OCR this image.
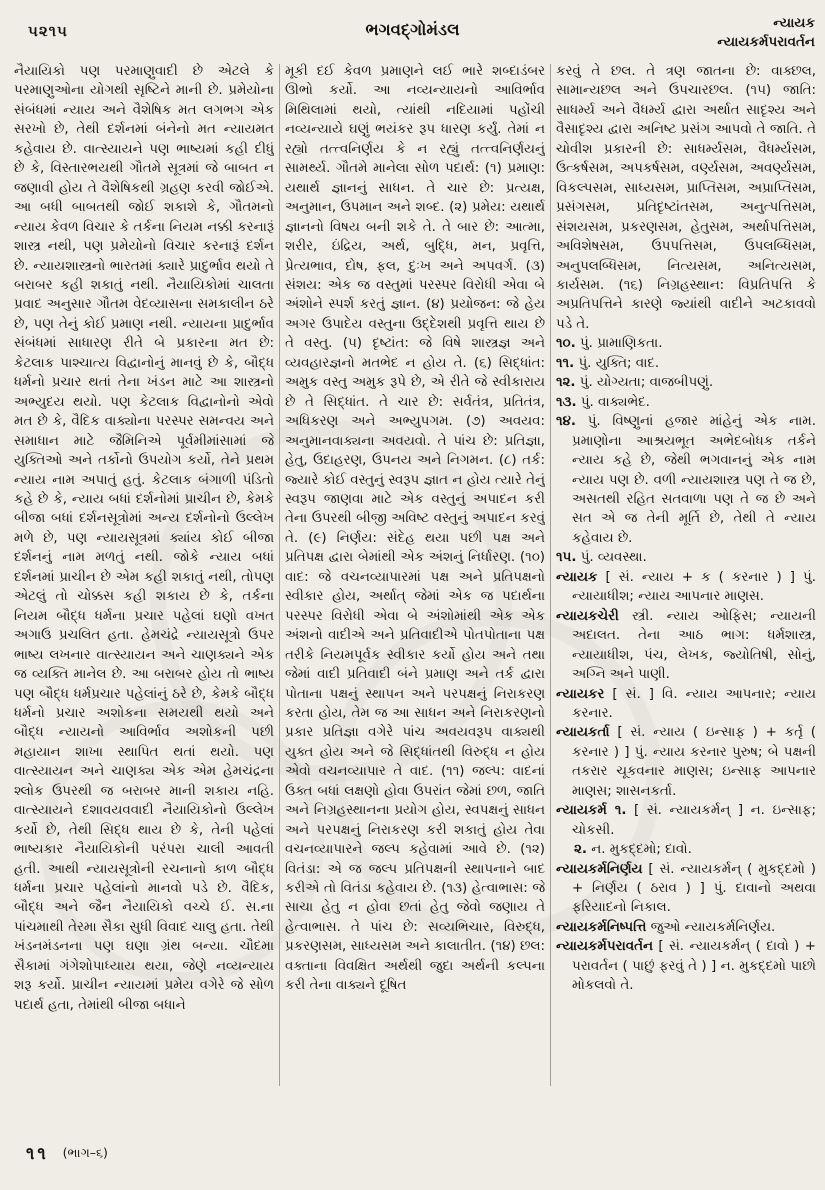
૫૨૧૫	ભગવદ્ગોમંડલ	ન્યાયક
ન્યાયકર્મપરાવર્તન

નૈયાયિકો પણ પરમાણુવાદી છે એટલે કે પરમાણુઓના યોગથી સૃષ્ટિને માની છે. પ્રમેયોના સંબંધમાં ન્યાય અને વૈશેષિક મત લગભગ એક સરખો છે, તેથી દર્શનમાં બંનેનો મત ન્યાયમત કહેવાય છે. વાત્સ્યાયને પણ ભાષ્યમાં કહી દીધું છે કે, વિસ્તારભયથી ગૌતમે સૂત્રમાં જે બાબત ન જણાવી હોય તે વૈશેષિકથી ગ્રહણ કરવી જોઈએ. આ બધી બાબતથી જોઈ શકાશે કે, ગૌતમનો ન્યાય કેવળ વિચાર કે તર્કના નિયમ નક્કી કરનારૂં શાસ્ત્ર નથી, પણ પ્રમેયોનો વિચાર કરનારૂં દર્શન છે. ન્યાયશાસ્ત્રનો ભારતમાં ક્યારે પ્રાદુર્ભાવ થયો તે બરાબર કહી શકાતું નથી. નૈયાયિકોમાં ચાલતા પ્રવાદ અનુસાર ગૌતમ વેદવ્યાસના સમકાલીન ઠરે છે, પણ તેનું કોઈ પ્રમાણ નથી. ન્યાયના પ્રાદુર્ભાવ સંબંધમાં સાધારણ રીતે બે પ્રકારના મત છે: કેટલાક પાશ્ચાત્ય વિદ્વાનોનું માનવું છે કે, બૌદ્ધ ધર્મનો પ્રચાર થતાં તેના ખંડન માટે આ શાસ્ત્રનો અભ્યુદય થયો. પણ કેટલાક વિદ્વાનોનો એવો મત છે કે, વૈદિક વાક્યોના પરસ્પર સમન્વય અને સમાધાન માટે જૈમિનિએ પૂર્વમીમાંસામાં જે યુક્તિઓ અને તર્કોનો ઉપયોગ કર્યો, તેને પ્રથમ ન્યાય નામ અપાતું હતું. કેટલાક બંગાળી પંડિતો કહે છે કે, ન્યાય બધાં દર્શનોમાં પ્રાચીન છે, કેમકે બીજા બધાં દર્શનસૂત્રોમાં અન્ય દર્શનોનો ઉલ્લેખ મળે છે, પણ ન્યાયસૂત્રમાં ક્યાંય કોઈ બીજા દર્શનનું નામ મળતું નથી. જોકે ન્યાય બધાં દર્શનમાં પ્રાચીન છે એમ કહી શકાતું નથી, તોપણ એટલું તો ચોક્કસ કહી શકાય છે કે, તર્કના નિયમ બૌદ્ધ ધર્મના પ્રચાર પહેલાં ઘણો વખત અગાઉ પ્રચલિત હતા. હેમચંદ્રે ન્યાયસૂત્રો ઉપર ભાષ્ય લખનાર વાત્સ્યાયન અને ચાણક્યને એક જ વ્યક્તિ માનેલ છે. આ બરાબર હોય તો ભાષ્ય પણ બૌદ્ધ ધર્મપ્રચાર પહેલાંનું ઠરે છે, કેમકે બૌદ્ધ ધર્મનો પ્રચાર અશોકના સમયથી થયો અને બૌદ્ધ ન્યાયનો આવિર્ભાવ અશોકની પછી મહાયાન શાખા સ્થાપિત થતાં થયો. પણ વાત્સ્યાયન અને ચાણક્ય એક એમ હેમચંદ્રના શ્લોક ઉપરથી જ બરાબર માની શકાય નહિ. વાત્સ્યાયને દશાવયવવાદી નૈયાયિકોનો ઉલ્લેખ કર્યો છે, તેથી સિદ્ધ થાય છે કે, તેની પહેલાં ભાષ્યકાર નૈયાયિકોની પરંપરા ચાલી આવતી હતી. આથી ન્યાયસૂત્રોની રચનાનો કાળ બૌદ્ધ ધર્મના પ્રચાર પહેલાંનો માનવો પડે છે. વૈદિક, બૌદ્ધ અને જૈન નૈયાયિકો વચ્ચે ઈ. સ.ના પાંચમાથી તેરમા સૈકા સુધી વિવાદ ચાલુ હતા. તેથી ખંડનમંડનના પણ ઘણા ગ્રંથ બન્યા. ચૌદમા સૈકામાં ગંગેશોપાધ્યાય થયા, જેણે નવ્યન્યાય શરૂ કર્યો. પ્રાચીન ન્યાયમાં પ્રમેય વગેરે જે સોળ પદાર્થ હતા, તેમાંથી બીજા બધાને

મૂકી દઈ કેવળ પ્રમાણને લઈ ભારે શબ્દાડંબર ઊભો કર્યો. આ નવ્યન્યાયનો આવિર્ભાવ મિથિલામાં થયો, ત્યાંથી નદિયામાં પહોંચી નવ્યન્યાયે ઘણું ભયંકર રૂપ ધારણ કર્યું. તેમાં ન રહ્યો તત્ત્વનિર્ણય કે ન રહ્યું તત્ત્વનિર્ણયનું સામર્થ્ય. ગૌતમે માનેલા સોળ પદાર્થ: (૧) પ્રમાણ: યથાર્થ જ્ઞાનનું સાધન. તે ચાર છે: પ્રત્યક્ષ, અનુમાન, ઉપમાન અને શબ્દ. (૨) પ્રમેય: યથાર્થ જ્ઞાનનો વિષય બની શકે તે. તે બાર છે: આત્મા, શરીર, ઇંદ્રિય, અર્થ, બુદ્ધિ, મન, પ્રવૃત્તિ, પ્રેત્યભાવ, દોષ, ફલ, દુઃખ અને અપવર્ગ. (૩) સંશય: એક જ વસ્તુમાં પરસ્પર વિરોધી એવા બે અંશોને સ્પર્શ કરતું જ્ઞાન. (૪) પ્રયોજન: જે હેય અગર ઉપાદેય વસ્તુના ઉદ્દેશથી પ્રવૃત્તિ થાય છે તે વસ્તુ. (૫) દૃષ્ટાંત: જે વિષે શાસ્ત્રજ્ઞ અને વ્યવહારજ્ઞનો મતભેદ ન હોય તે. (૬) સિદ્ધાંત: અમુક વસ્તુ અમુક રૂપે છે, એ રીતે જે સ્વીકારાય છે તે સિદ્ધાંત. તે ચાર છે: સર્વતંત્ર, પ્રતિતંત્ર, અધિકરણ અને અભ્યુપગમ. (૭) અવયવ: અનુમાનવાક્યના અવયવો. તે પાંચ છે: પ્રતિજ્ઞા, હેતુ, ઉદાહરણ, ઉપનય અને નિગમન. (૮) તર્ક: જ્યારે કોઈ વસ્તુનું સ્વરૂપ જ્ઞાત ન હોય ત્યારે તેનું સ્વરૂપ જાણવા માટે એક વસ્તુનું અપાદન કરી તેના ઉપરથી બીજી અવિષ્ટ વસ્તુનું અપાદન કરવું તે. (૯) નિર્ણય: સંદેહ થયા પછી પક્ષ અને પ્રતિપક્ષ દ્વારા બેમાંથી એક અંશનું નિર્ધારણ. (૧૦) વાદ: જે વચનવ્યાપારમાં પક્ષ અને પ્રતિપક્ષનો સ્વીકાર હોય, અર્થાત્ જેમાં એક જ પદાર્થના પરસ્પર વિરોધી એવા બે અંશોમાંથી એક એક અંશનો વાદીએ અને પ્રતિવાદીએ પોતપોતાના પક્ષ તરીકે નિયમપૂર્વક સ્વીકાર કર્યો હોય અને તથા જેમાં વાદી પ્રતિવાદી બંને પ્રમાણ અને તર્ક દ્વારા પોતાના પક્ષનું સ્થાપન અને પરપક્ષનું નિરાકરણ કરતા હોય, તેમ જ આ સાધન અને નિરાકરણનો પ્રકાર પ્રતિજ્ઞા વગેરે પાંચ અવયવરૂપ વાક્યથી યુક્ત હોય અને જે સિદ્ધાંતથી વિરુદ્ધ ન હોય એવો વચનવ્યાપાર તે વાદ. (૧૧) જલ્પ: વાદનાં ઉક્ત બધાં લક્ષણો હોવા ઉપરાંત જેમાં છળ, જાતિ અને નિગ્રહસ્થાનના પ્રયોગ હોય, સ્વપક્ષનું સાધન અને પરપક્ષનું નિરાકરણ કરી શકાતું હોય તેવા વચનવ્યાપારને જલ્પ કહેવામાં આવે છે. (૧૨) વિતંડા: એ જ જલ્પ પ્રતિપક્ષની સ્થાપનાને બાદ કરીએ તો વિતંડા કહેવાય છે. (૧૩) હેત્વાભાસ: જે સાચા હેતુ ન હોવા છતાં હેતુ જેવો જણાય તે હેત્વાભાસ. તે પાંચ છે: સવ્યભિચાર, વિરુદ્ધ, પ્રકરણસમ, સાધ્યસમ અને કાલાતીત. (૧૪) છલ: વક્તાના વિવક્ષિત અર્થથી જુદા અર્થની કલ્પના કરી તેના વાક્યને દૂષિત

કરવું તે છલ. તે ત્રણ જાતના છે: વાક્છલ, સામાન્યછલ અને ઉપચારછલ. (૧૫) જાતિ: સાધર્મ્ય અને વૈધર્મ્ય દ્વારા અર્થાત સાદૃશ્ય અને વૈસાદૃશ્ય દ્વારા અનિષ્ટ પ્રસંગ આપવો તે જાતિ. તે ચોવીશ પ્રકારની છે: સાધર્મ્યસમ, વૈધર્મ્યસમ, ઉત્કર્ષસમ, અપકર્ષસમ, વર્ણ્યસમ, અવર્ણ્યસમ, વિકલ્પસમ, સાધ્યસમ, પ્રાપ્તિસમ, અપ્રાપ્તિસમ, પ્રસંગસમ, પ્રતિદૃષ્ટાંતસમ, અનુત્પત્તિસમ, સંશયસમ, પ્રકરણસમ, હેતુસમ, અર્થાપત્તિસમ, અવિશેષસમ, ઉપપત્તિસમ, ઉપલબ્ધિસમ, અનુપલબ્ધિસમ, નિત્યસમ, અનિત્યસમ, કાર્યસમ. (૧૬) નિગ્રહસ્થાન: વિપ્રતિપત્તિ કે અપ્રતિપત્તિને કારણે જ્યાંથી વાદીને અટકાવવો પડે તે.

૧૦. પું. પ્રામાણિકતા.

૧૧. પું. યુક્તિ; વાદ.

૧૨. પું. યોગ્યતા; વાજબીપણું.

૧૩. પું. વાક્યભેદ.

૧૪. પું. વિષ્ણુનાં હજાર માંહેનું એક નામ. પ્રમાણોના આશ્રયભૂત અભેદબોધક તર્કને ન્યાય કહે છે, જેથી ભગવાનનું એક નામ ન્યાય પણ છે. વળી ન્યાયશાસ્ત્ર પણ તે જ છે, અસતથી રહિત સતવાળા પણ તે જ છે અને સત એ જ તેની મૂર્તિ છે, તેથી તે ન્યાય કહેવાય છે.

૧૫. પું. વ્યવસ્થા.

ન્યાયક [ સં. ન્યાય + ક ( કરનાર ) ] પું. ન્યાયાધીશ; ન્યાય આપનાર માણસ.

ન્યાયકચેરી સ્ત્રી. ન્યાય ઓફિસ; ન્યાયની અદાલત. તેના આઠ ભાગ: ધર્મશાસ્ત્ર, ન્યાયાધીશ, પંચ, લેખક, જ્યોતિષી, સોનું, અગ્નિ અને પાણી.

ન્યાયકર [ સં. ] વિ. ન્યાય આપનાર; ન્યાય કરનાર.

ન્યાયકર્તા [ સં. ન્યાય ( ઇન્સાફ ) + કર્તૃ ( કરનાર ) ] પું. ન્યાય કરનાર પુરુષ; બે પક્ષની તકરાર ચૂકવનાર માણસ; ઇન્સાફ આપનાર માણસ; શાસનકર્તા.

ન્યાયકર્મ ૧. [ સં. ન્યાયકર્મન્ ] ન. ઇન્સાફ; ચોકસી.

૨. ન. મુકદ્દમો; દાવો.

ન્યાયકર્મનિર્ણય [ સં. ન્યાયકર્મન્ ( મુકદ્દમો ) + નિર્ણય ( ઠરાવ ) ] પું. દાવાનો અથવા ફરિયાદનો નિકાલ.

ન્યાયકર્મનિષ્પત્તિ જુઓ ન્યાયકર્મનિર્ણય.

ન્યાયકર્મપરાવર્તન [ સં. ન્યાયકર્મન્ ( દાવો ) + પરાવર્તન ( પાછું ફરવું તે ) ] ન. મુકદ્દમો પાછો મોકલવો તે.

૧૧ (ભાગ–૬)
